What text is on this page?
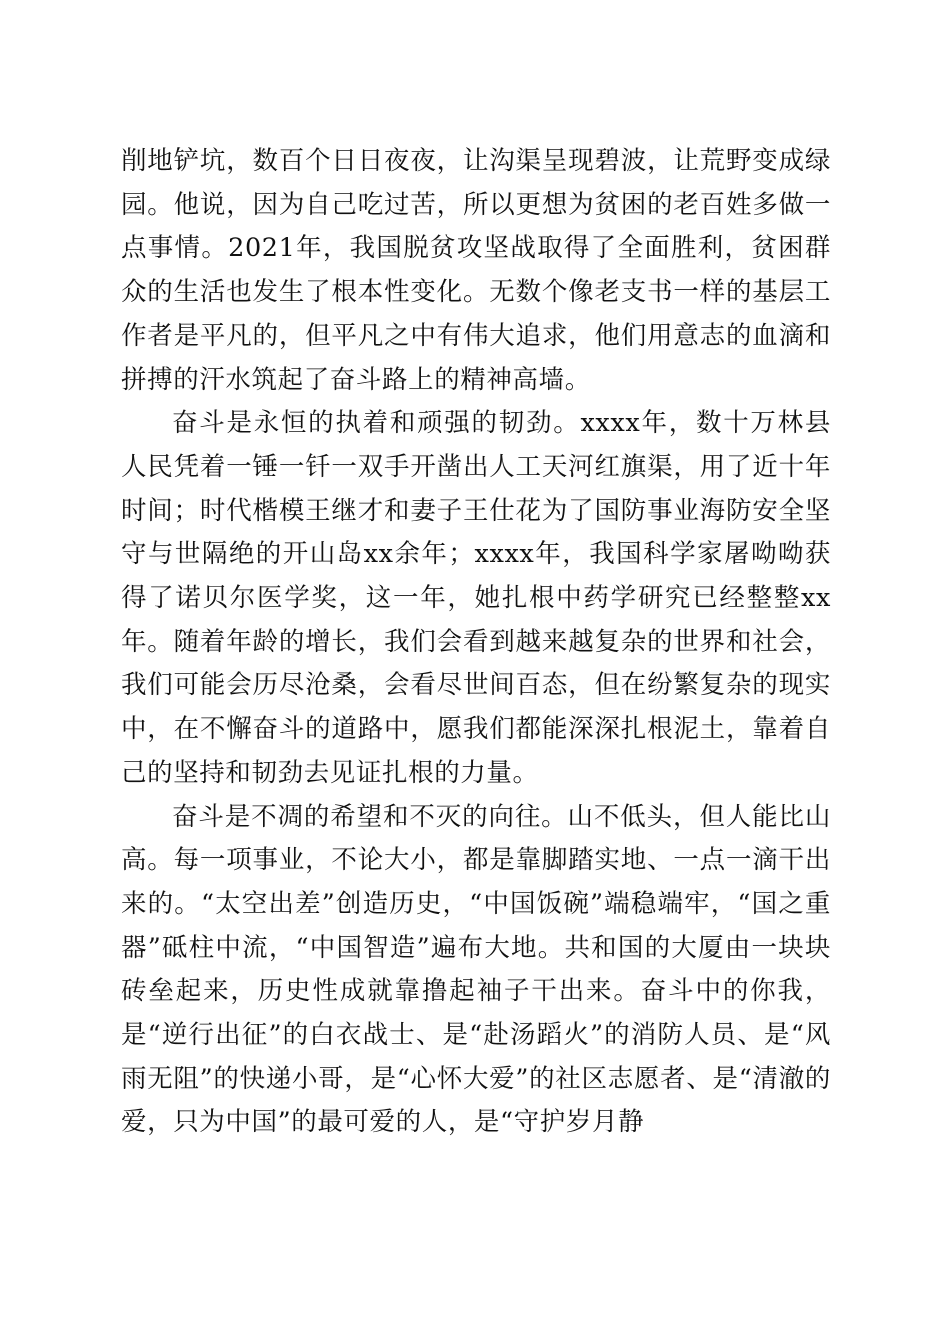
削地铲坑，数百个日日夜夜，让沟渠呈现碧波，让荒野变成绿园。他说，因为自己吃过苦，所以更想为贫困的老百姓多做一点事情。2021年，我国脱贫攻坚战取得了全面胜利，贫困群众的生活也发生了根本性变化。无数个像老支书一样的基层工作者是平凡的，但平凡之中有伟大追求，他们用意志的血滴和拼搏的汗水筑起了奋斗路上的精神高墙。

奋斗是永恒的执着和顽强的韧劲。xxxx年，数十万林县人民凭着一锤一钎一双手开凿出人工天河红旗渠，用了近十年时间；时代楷模王继才和妻子王仕花为了国防事业海防安全坚守与世隔绝的开山岛xx余年；xxxx年，我国科学家屠呦呦获得了诺贝尔医学奖，这一年，她扎根中药学研究已经整整xx年。随着年龄的增长，我们会看到越来越复杂的世界和社会，我们可能会历尽沧桑，会看尽世间百态，但在纷繁复杂的现实中，在不懈奋斗的道路中，愿我们都能深深扎根泥土，靠着自己的坚持和韧劲去见证扎根的力量。

奋斗是不凋的希望和不灭的向往。山不低头，但人能比山高。每一项事业，不论大小，都是靠脚踏实地、一点一滴干出来的。“太空出差”创造历史，“中国饭碗”端稳端牢，“国之重器”砥柱中流，“中国智造”遍布大地。共和国的大厦由一块块砖垒起来，历史性成就靠撸起袖子干出来。奋斗中的你我，是“逆行出征”的白衣战士、是“赴汤蹈火”的消防人员、是“风雨无阻”的快递小哥，是“心怀大爱”的社区志愿者、是“清澈的爱，只为中国”的最可爱的人，是“守护岁月静
